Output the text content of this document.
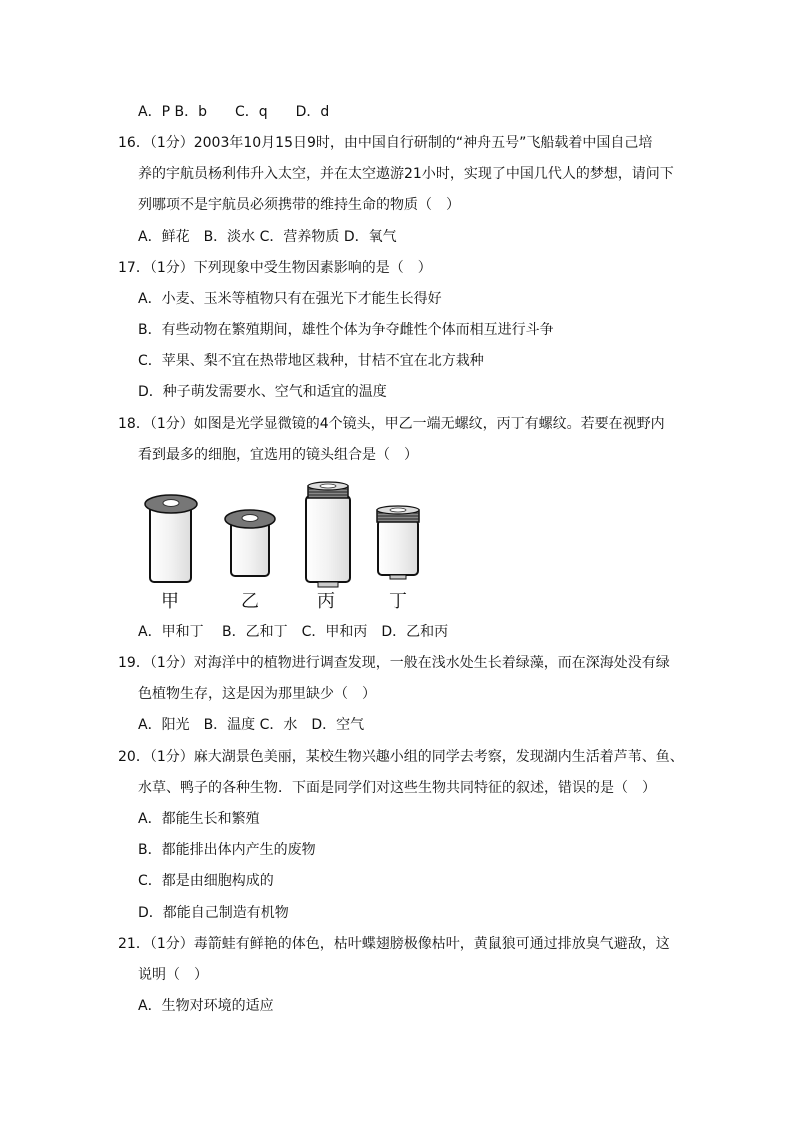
A．P B．b　　C．q　　D．d
16．（1分）2003年10月15日9时，由中国自行研制的“神舟五号”飞船载着中国自己培
养的宇航员杨利伟升入太空，并在太空遨游21小时，实现了中国几代人的梦想，请问下
列哪项不是宇航员必须携带的维持生命的物质（　）
A．鲜花　B．淡水 C．营养物质 D．氧气
17．（1分）下列现象中受生物因素影响的是（　）
A．小麦、玉米等植物只有在强光下才能生长得好
B．有些动物在繁殖期间，雄性个体为争夺雌性个体而相互进行斗争
C．苹果、梨不宜在热带地区栽种，甘桔不宜在北方栽种
D．种子萌发需要水、空气和适宜的温度
18．（1分）如图是光学显微镜的4个镜头，甲乙一端无螺纹，丙丁有螺纹。若要在视野内
看到最多的细胞，宜选用的镜头组合是（　）
甲	乙	丙	丁
A．甲和丁　 B．乙和丁　C．甲和丙　D．乙和丙
19．（1分）对海洋中的植物进行调查发现，一般在浅水处生长着绿藻，而在深海处没有绿
色植物生存，这是因为那里缺少（　）
A．阳光　B．温度 C．水　D．空气
20．（1分）麻大湖景色美丽，某校生物兴趣小组的同学去考察，发现湖内生活着芦苇、鱼、
水草、鸭子的各种生物．下面是同学们对这些生物共同特征的叙述，错误的是（　）
A．都能生长和繁殖
B．都能排出体内产生的废物
C．都是由细胞构成的
D．都能自己制造有机物
21．（1分）毒箭蛙有鲜艳的体色，枯叶蝶翅膀极像枯叶，黄鼠狼可通过排放臭气避敌，这
说明（　）
A．生物对环境的适应
